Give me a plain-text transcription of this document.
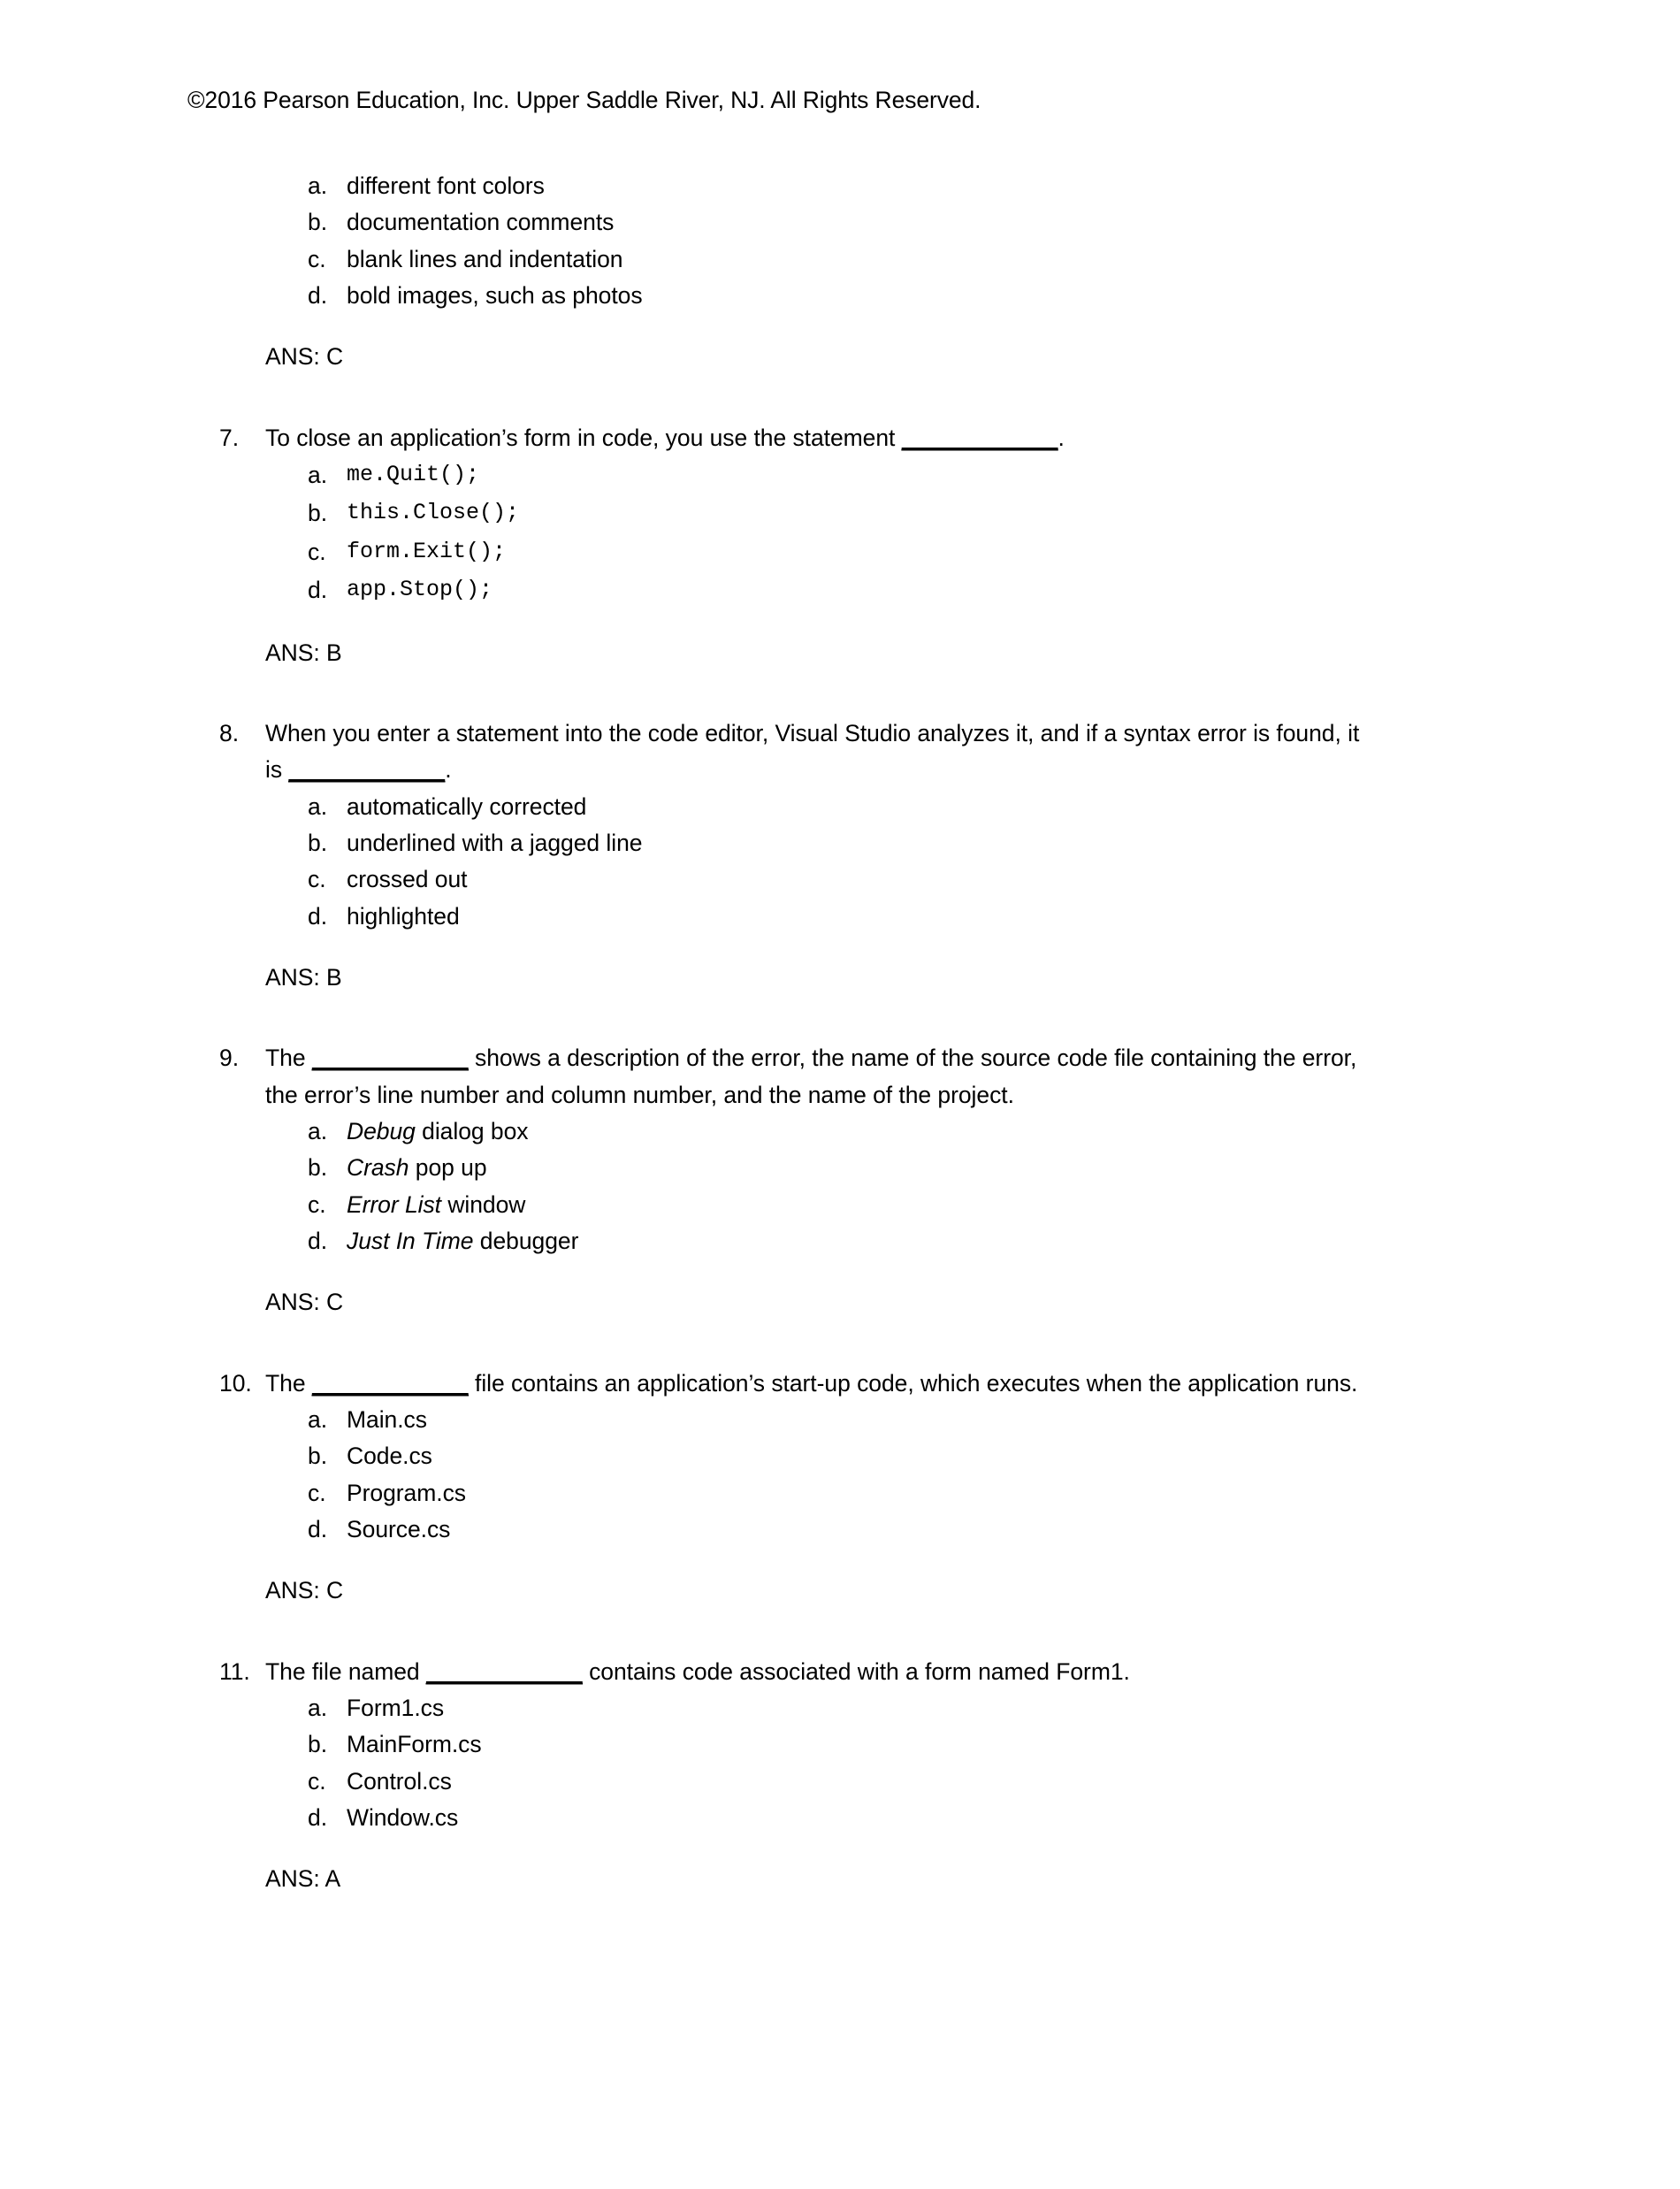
©2016 Pearson Education, Inc. Upper Saddle River, NJ. All Rights Reserved.
a. different font colors
b. documentation comments
c. blank lines and indentation
d. bold images, such as photos
ANS: C
7.	To close an application’s form in code, you use the statement ____________.
a. me.Quit();
b. this.Close();
c. form.Exit();
d. app.Stop();
ANS: B
8.	When you enter a statement into the code editor, Visual Studio analyzes it, and if a syntax error is found, it is ____________.
a. automatically corrected
b. underlined with a jagged line
c. crossed out
d. highlighted
ANS: B
9.	The ____________ shows a description of the error, the name of the source code file containing the error, the error’s line number and column number, and the name of the project.
a. Debug dialog box
b. Crash pop up
c. Error List window
d. Just In Time debugger
ANS: C
10. The ____________ file contains an application’s start-up code, which executes when the application runs.
a. Main.cs
b. Code.cs
c. Program.cs
d. Source.cs
ANS: C
11. The file named ____________ contains code associated with a form named Form1.
a. Form1.cs
b. MainForm.cs
c. Control.cs
d. Window.cs
ANS: A
